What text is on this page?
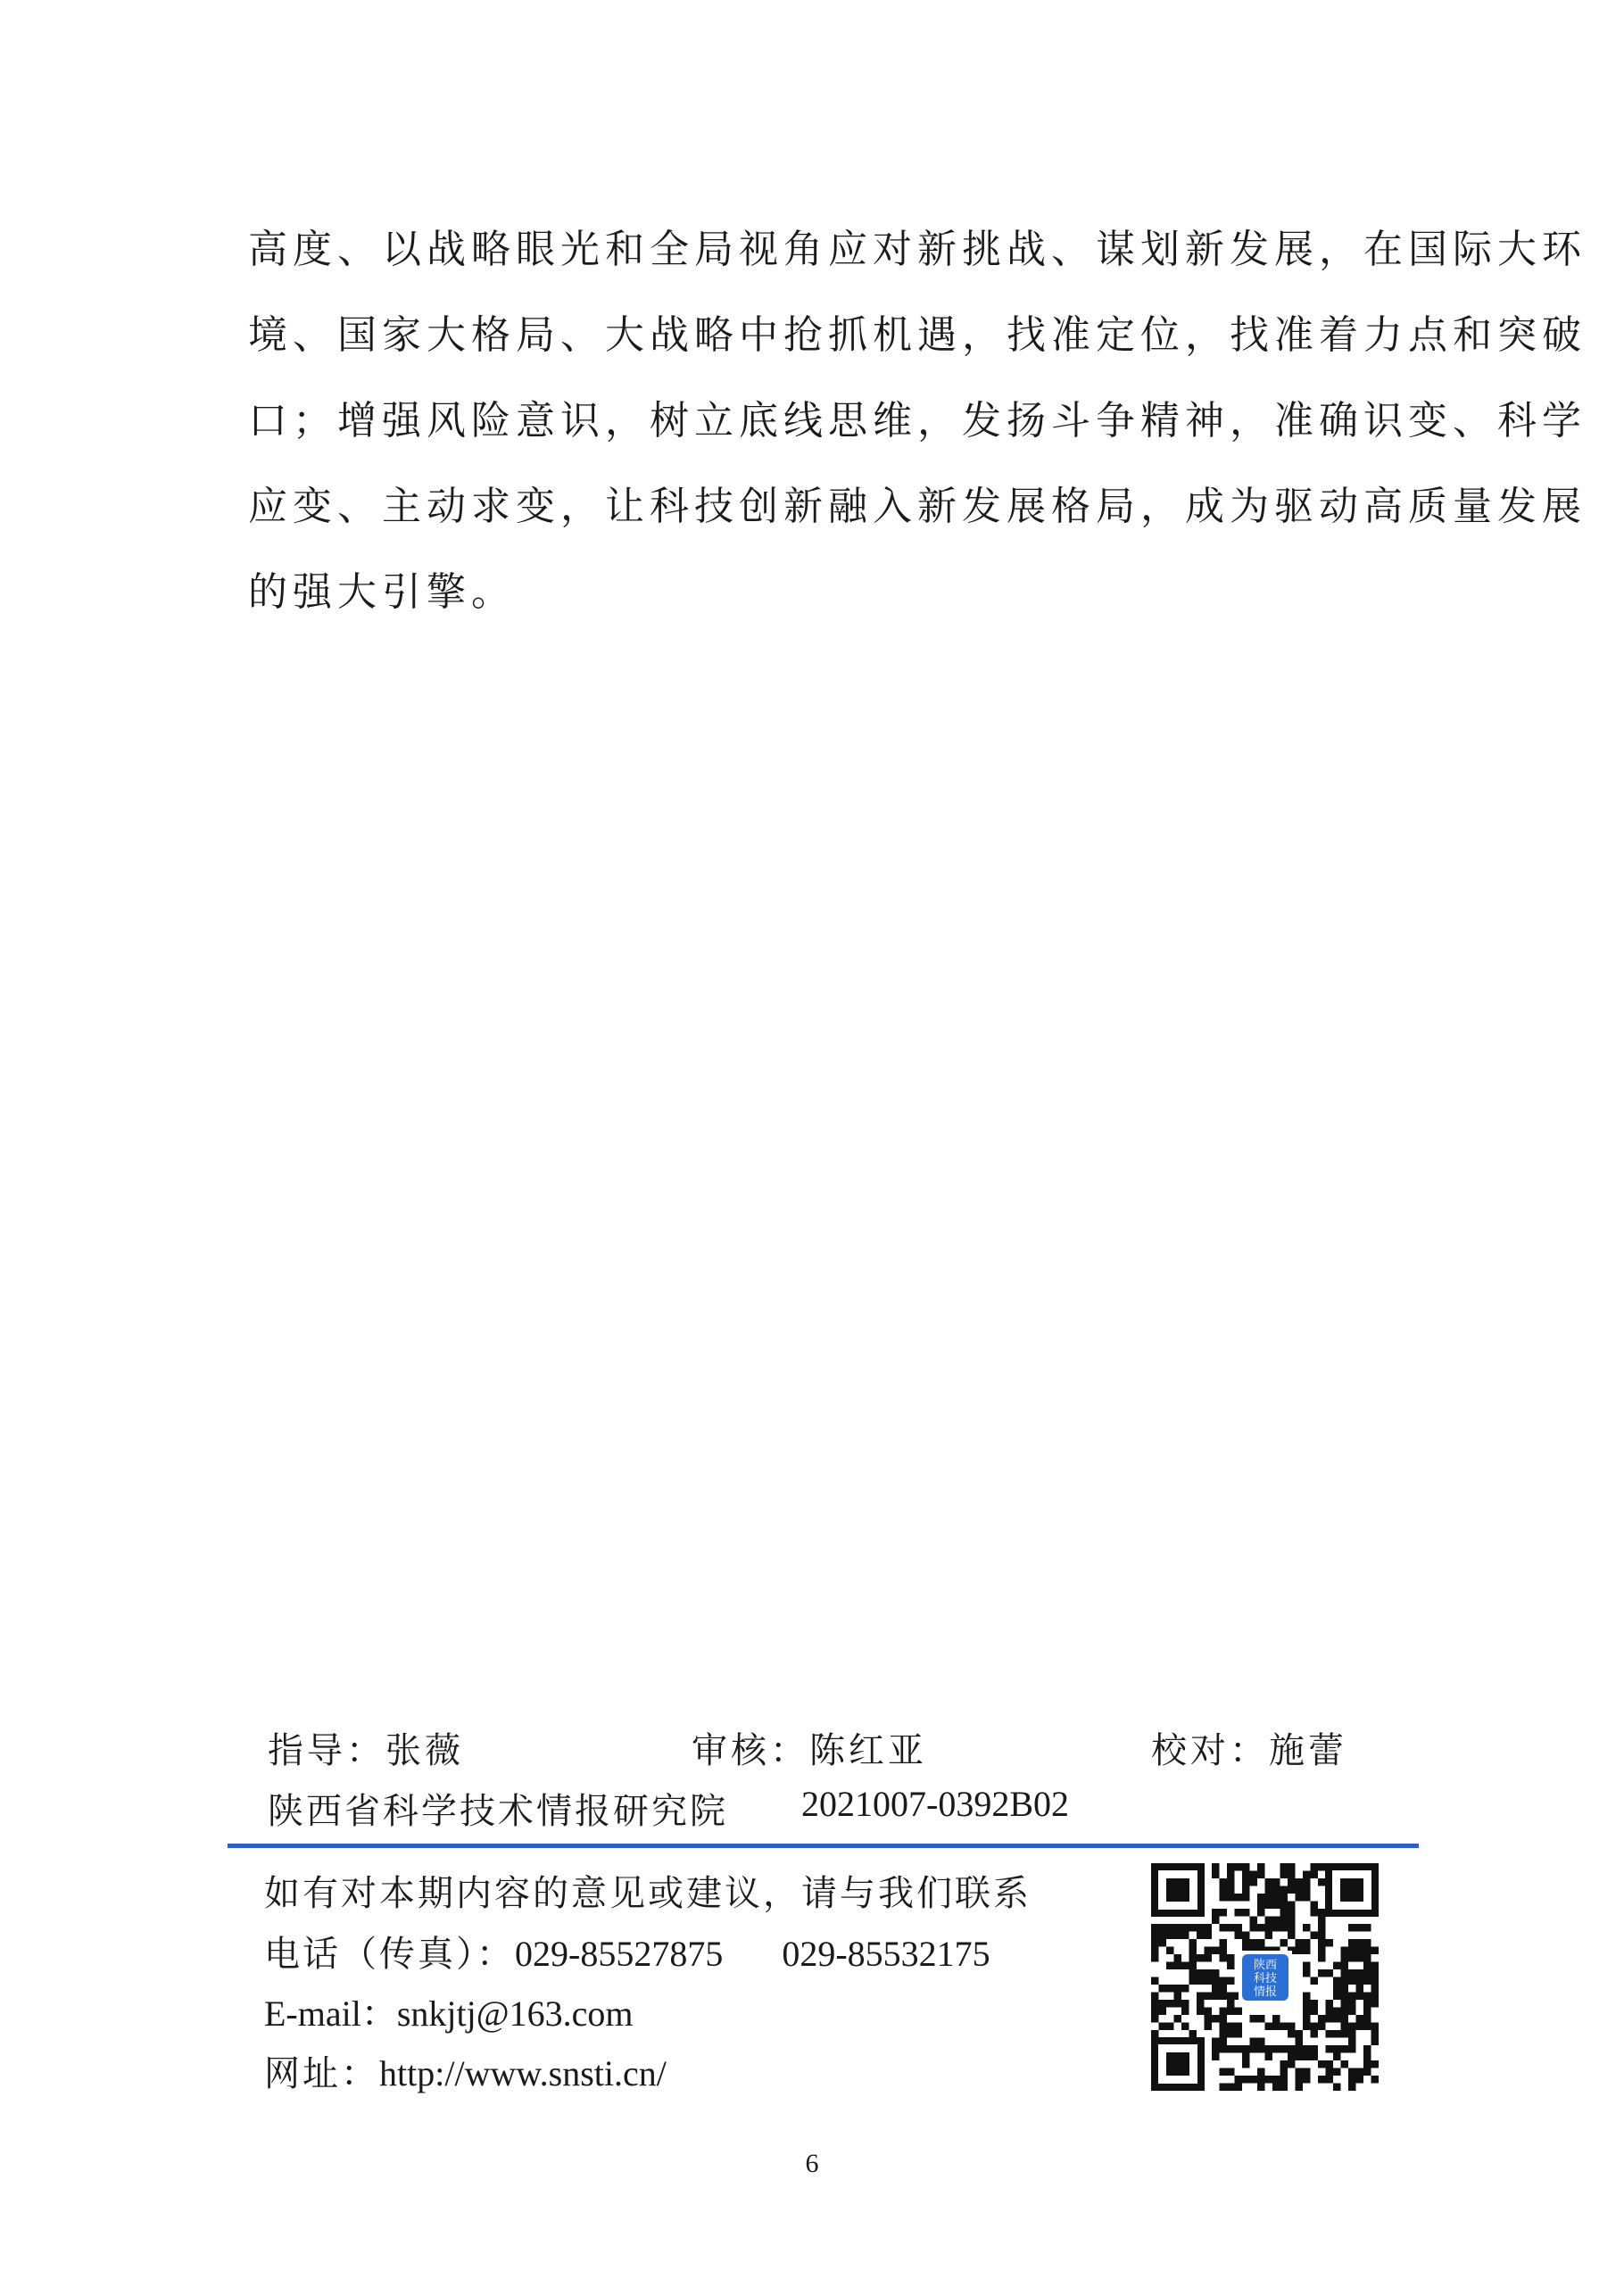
高度、以战略眼光和全局视角应对新挑战、谋划新发展，在国际大环

境、国家大格局、大战略中抢抓机遇，找准定位，找准着力点和突破

口；增强风险意识，树立底线思维，发扬斗争精神，准确识变、科学

应变、主动求变，让科技创新融入新发展格局，成为驱动高质量发展

的强大引擎。

指导：张薇	审核：陈红亚	校对：施蕾
陕西省科学技术情报研究院 2021007-0392B02
如有对本期内容的意见或建议，请与我们联系
电话（传真）：029-85527875 029-85532175
E-mail：snkjtj@163.com
网址：http://www.snsti.cn/
陕西
科技
情报
6
